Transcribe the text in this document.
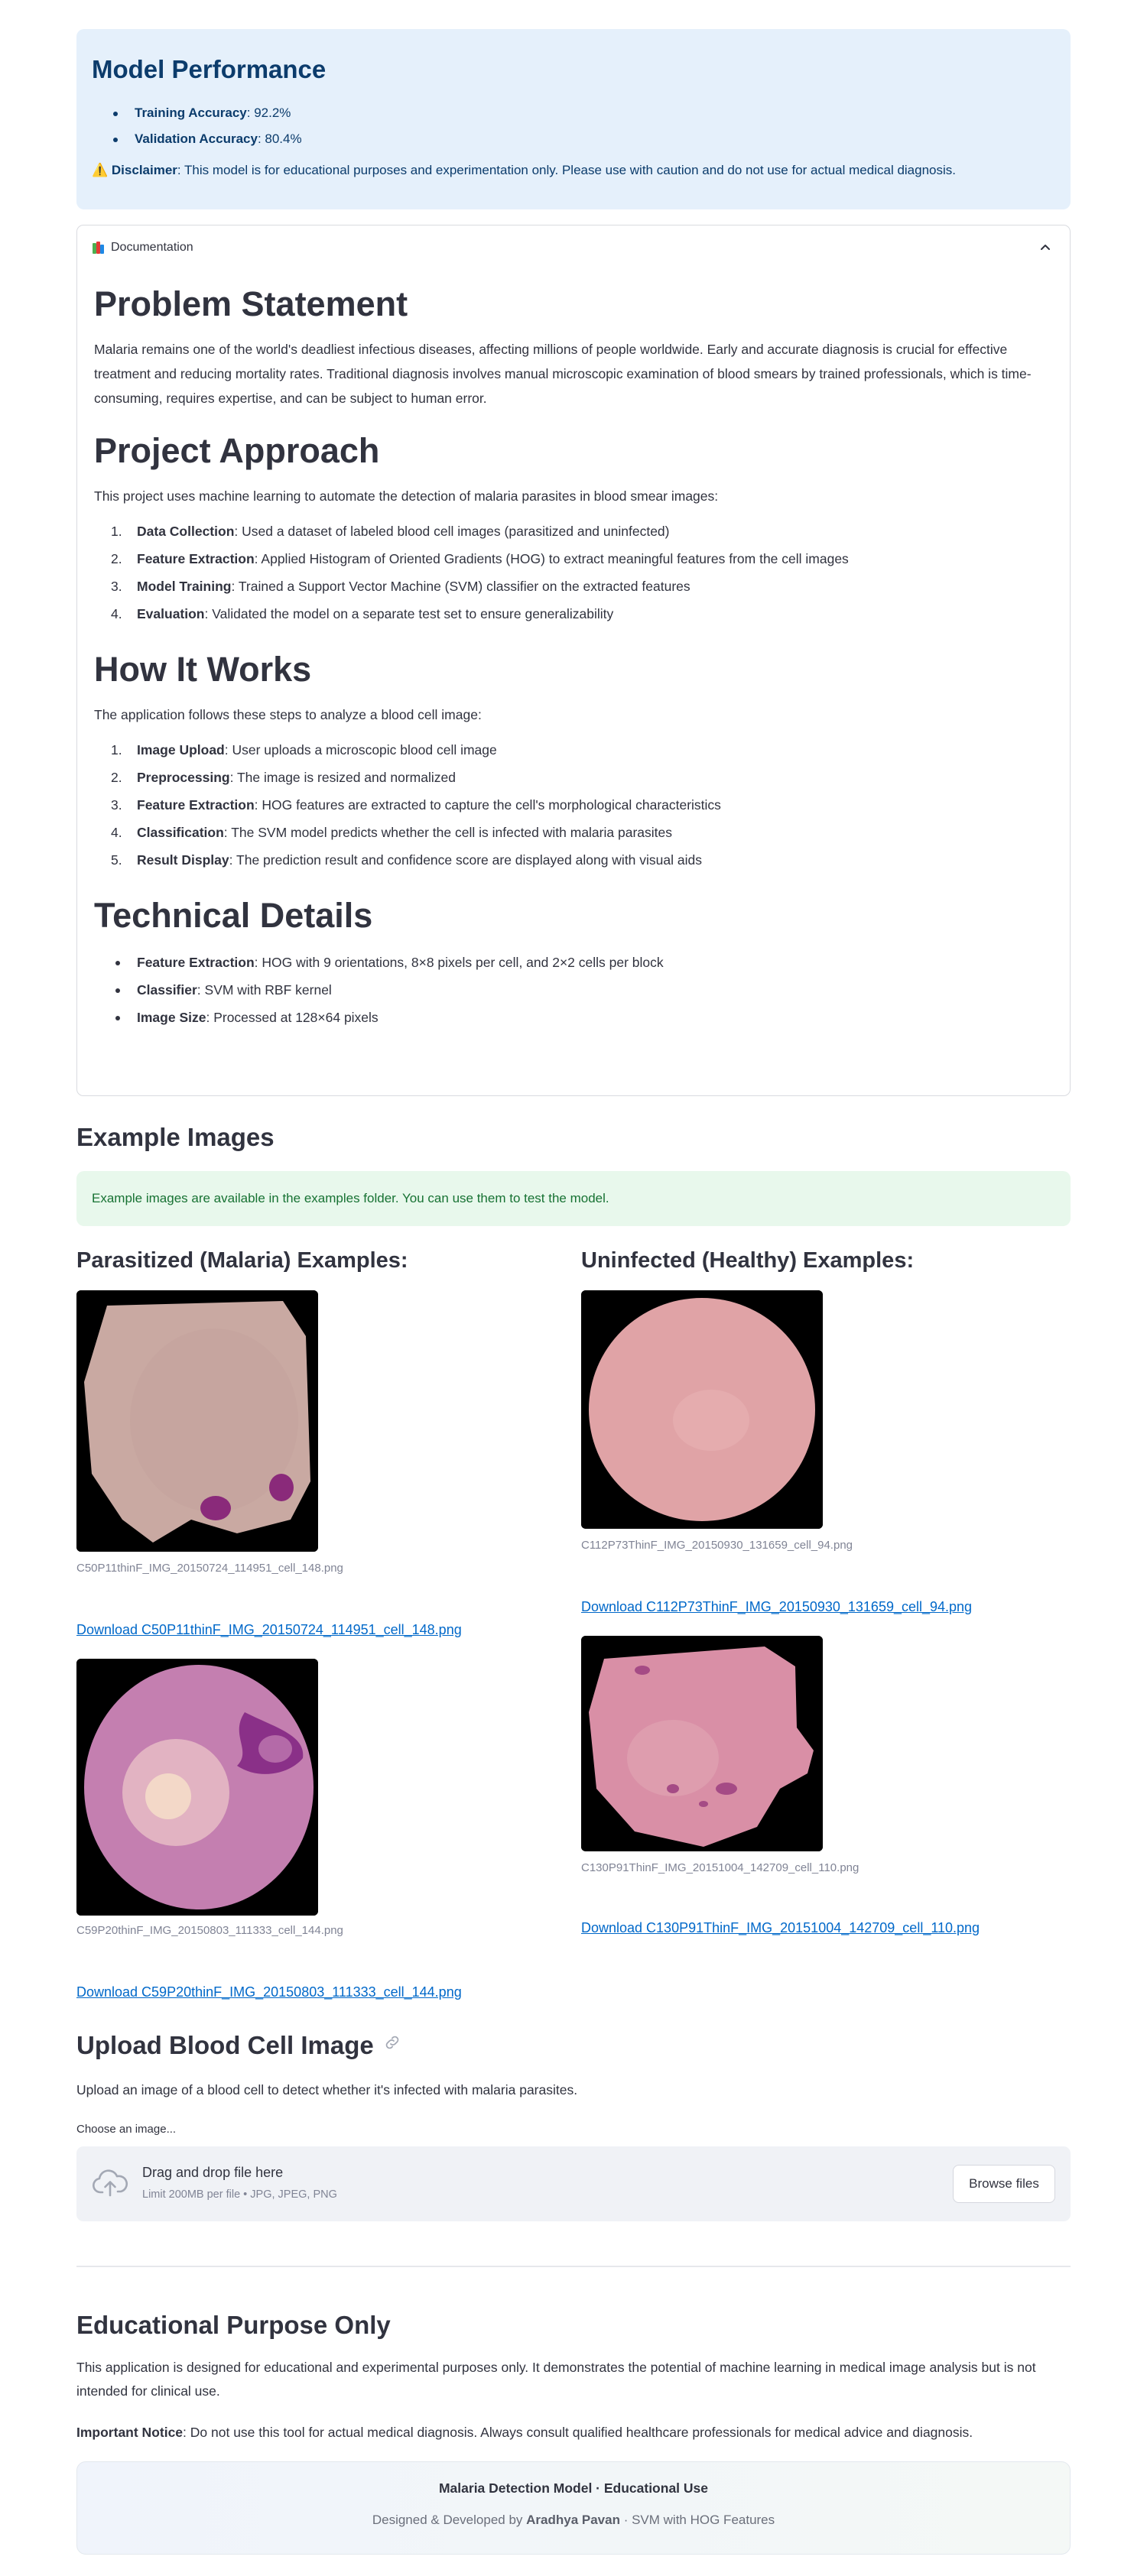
Model Performance
Training Accuracy: 92.2%
Validation Accuracy: 80.4%

⚠️ Disclaimer: This model is for educational purposes and experimentation only. Please use with caution and do not use for actual medical diagnosis.

Documentation
Problem Statement

Malaria remains one of the world's deadliest infectious diseases, affecting millions of people worldwide. Early and accurate diagnosis is crucial for effective treatment and reducing mortality rates. Traditional diagnosis involves manual microscopic examination of blood smears by trained professionals, which is time-consuming, requires expertise, and can be subject to human error.

Project Approach

This project uses machine learning to automate the detection of malaria parasites in blood smear images:

Data Collection: Used a dataset of labeled blood cell images (parasitized and uninfected)
Feature Extraction: Applied Histogram of Oriented Gradients (HOG) to extract meaningful features from the cell images
Model Training: Trained a Support Vector Machine (SVM) classifier on the extracted features
Evaluation: Validated the model on a separate test set to ensure generalizability
How It Works

The application follows these steps to analyze a blood cell image:

Image Upload: User uploads a microscopic blood cell image
Preprocessing: The image is resized and normalized
Feature Extraction: HOG features are extracted to capture the cell's morphological characteristics
Classification: The SVM model predicts whether the cell is infected with malaria parasites
Result Display: The prediction result and confidence score are displayed along with visual aids
Technical Details
Feature Extraction: HOG with 9 orientations, 8×8 pixels per cell, and 2×2 cells per block
Classifier: SVM with RBF kernel
Image Size: Processed at 128×64 pixels
Example Images
Example images are available in the examples folder. You can use them to test the model.
Parasitized (Malaria) Examples:	Uninfected (Healthy) Examples:
C50P11thinF_IMG_20150724_114951_cell_148.png
Download C50P11thinF_IMG_20150724_114951_cell_148.png
C59P20thinF_IMG_20150803_111333_cell_144.png
Download C59P20thinF_IMG_20150803_111333_cell_144.png
C112P73ThinF_IMG_20150930_131659_cell_94.png
Download C112P73ThinF_IMG_20150930_131659_cell_94.png
C130P91ThinF_IMG_20151004_142709_cell_110.png
Download C130P91ThinF_IMG_20151004_142709_cell_110.png
Upload Blood Cell Image

Upload an image of a blood cell to detect whether it's infected with malaria parasites.

Choose an image...
Drag and drop file here
Limit 200MB per file • JPG, JPEG, PNG
Browse files
Educational Purpose Only

This application is designed for educational and experimental purposes only. It demonstrates the potential of machine learning in medical image analysis but is not intended for clinical use.

Important Notice: Do not use this tool for actual medical diagnosis. Always consult qualified healthcare professionals for medical advice and diagnosis.

Malaria Detection Model · Educational Use
Designed & Developed by Aradhya Pavan · SVM with HOG Features
